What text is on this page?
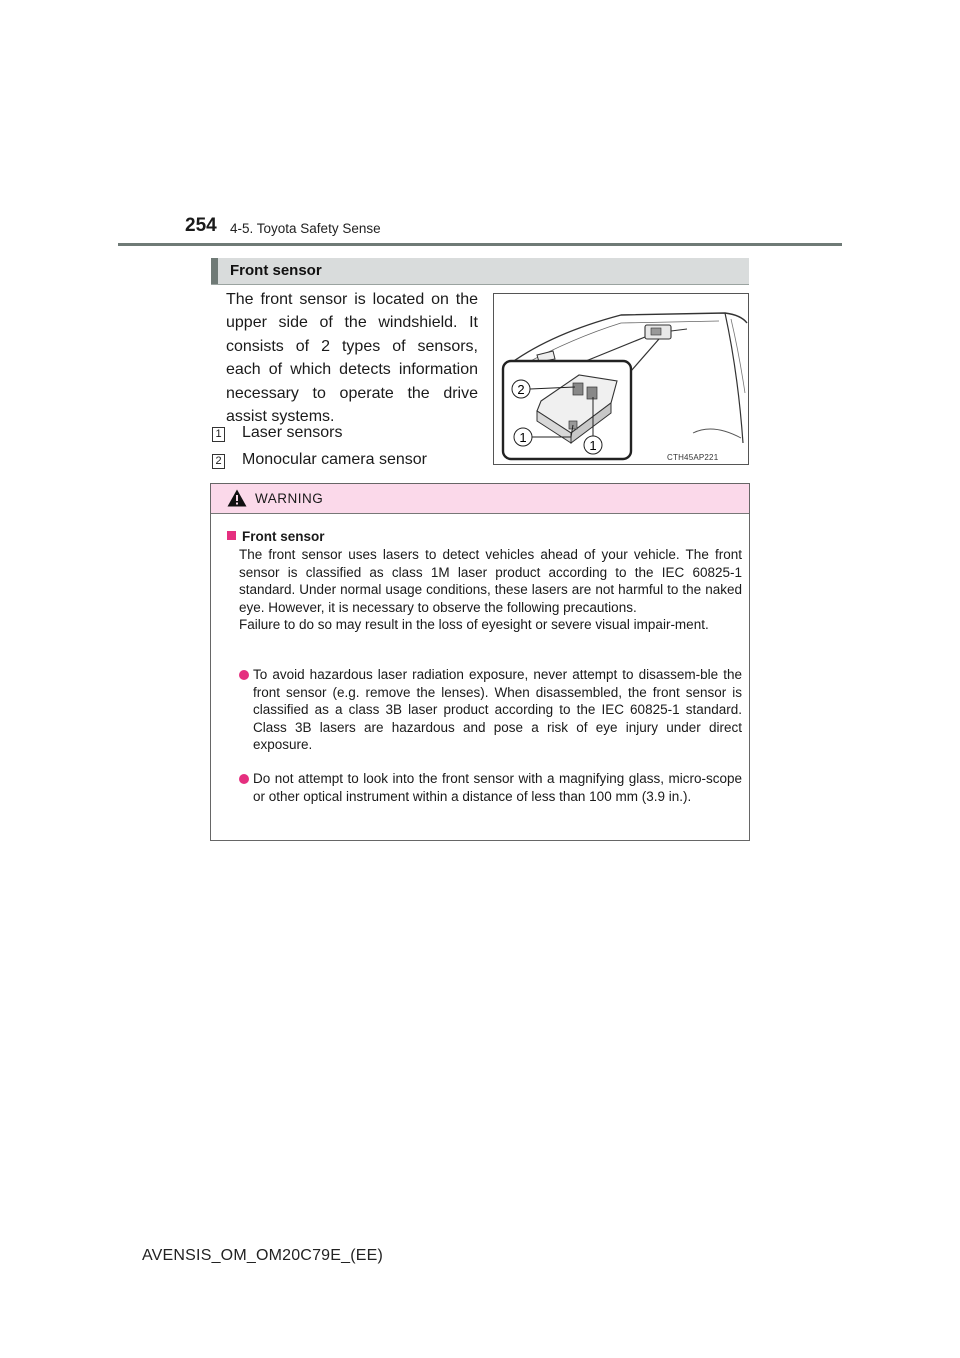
254 4-5. Toyota Safety Sense
Front sensor
The front sensor is located on the upper side of the windshield. It consists of 2 types of sensors, each of which detects information necessary to operate the drive assist systems.
1 Laser sensors
2 Monocular camera sensor
2
1
1
CTH45AP221
WARNING
Front sensor
The front sensor uses lasers to detect vehicles ahead of your vehicle. The front sensor is classified as class 1M laser product according to the IEC 60825-1 standard. Under normal usage conditions, these lasers are not harmful to the naked eye. However, it is necessary to observe the following precautions.
Failure to do so may result in the loss of eyesight or severe visual impair-ment.
To avoid hazardous laser radiation exposure, never attempt to disassem-ble the front sensor (e.g. remove the lenses). When disassembled, the front sensor is classified as a class 3B laser product according to the IEC 60825-1 standard. Class 3B lasers are hazardous and pose a risk of eye injury under direct exposure.
Do not attempt to look into the front sensor with a magnifying glass, micro-scope or other optical instrument within a distance of less than 100 mm (3.9 in.).
AVENSIS_OM_OM20C79E_(EE)
